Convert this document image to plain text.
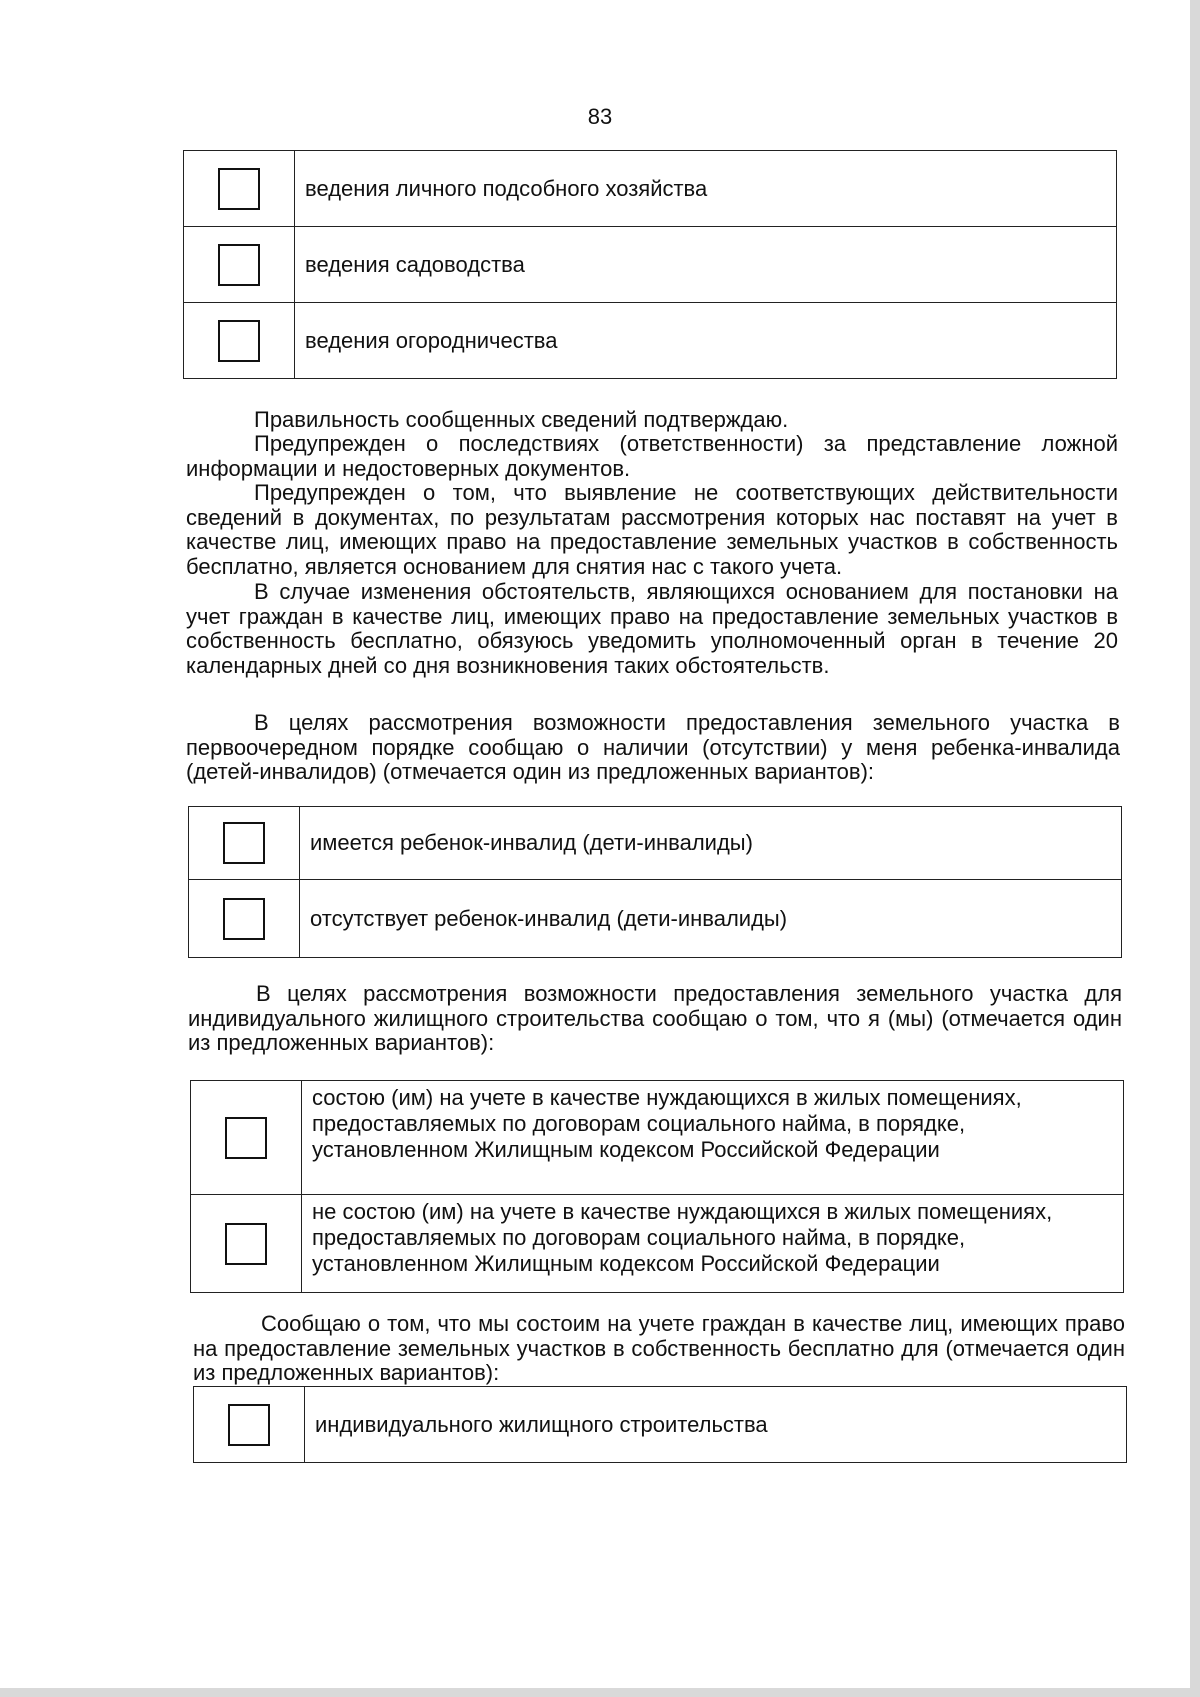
83
	ведения личного подсобного хозяйства
	ведения садоводства
	ведения огородничества

Правильность сообщенных сведений подтверждаю.

Предупрежден о последствиях (ответственности) за представление ложной информации и недостоверных документов.

Предупрежден о том, что выявление не соответствующих действительности сведений в документах, по результатам рассмотрения которых нас поставят на учет в качестве лиц, имеющих право на предоставление земельных участков в собственность бесплатно, является основанием для снятия нас с такого учета.

В случае изменения обстоятельств, являющихся основанием для постановки на учет граждан в качестве лиц, имеющих право на предоставление земельных участков в собственность бесплатно, обязуюсь уведомить уполномоченный орган в течение 20 календарных дней со дня возникновения таких обстоятельств.

В целях рассмотрения возможности предоставления земельного участка в первоочередном порядке сообщаю о наличии (отсутствии) у меня ребенка-инвалида (детей-инвалидов) (отмечается один из предложенных вариантов):

	имеется ребенок-инвалид (дети-инвалиды)
	отсутствует ребенок-инвалид (дети-инвалиды)

В целях рассмотрения возможности предоставления земельного участка для индивидуального жилищного строительства сообщаю о том, что я (мы) (отмечается один из предложенных вариантов):

	состою (им) на учете в качестве нуждающихся в жилых помещениях, предоставляемых по договорам социального найма, в порядке, установленном Жилищным кодексом Российской Федерации
	не состою (им) на учете в качестве нуждающихся в жилых помещениях, предоставляемых по договорам социального найма, в порядке, установленном Жилищным кодексом Российской Федерации

Сообщаю о том, что мы состоим на учете граждан в качестве лиц, имеющих право на предоставление земельных участков в собственность бесплатно для (отмечается один из предложенных вариантов):

	индивидуального жилищного строительства
